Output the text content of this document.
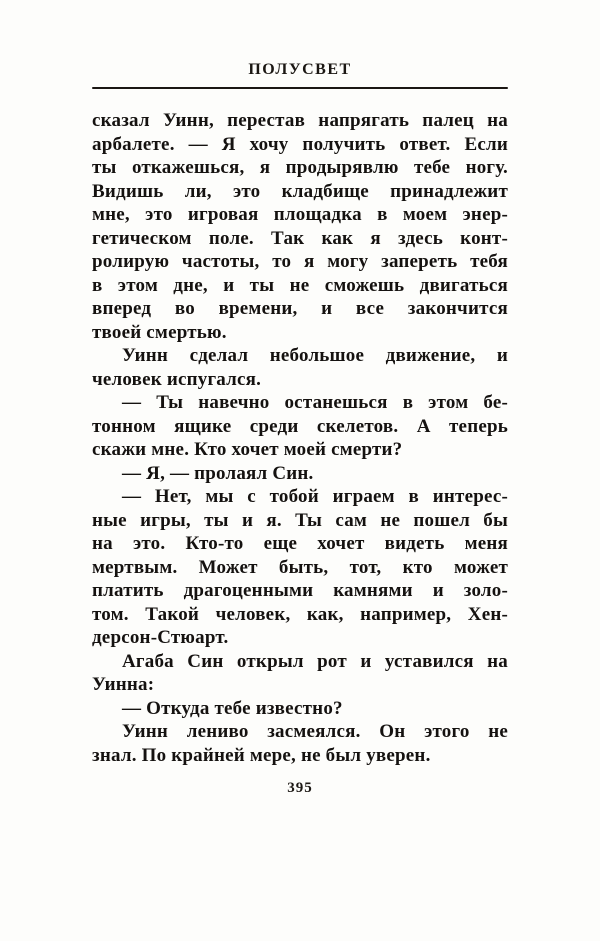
ПОЛУСВЕТ
сказал Уинн, перестав напрягать палец на
арбалете. — Я хочу получить ответ. Если
ты откажешься, я продырявлю тебе ногу.
Видишь ли, это кладбище принадлежит
мне, это игровая площадка в моем энер-
гетическом поле. Так как я здесь конт-
ролирую частоты, то я могу запереть тебя
в этом дне, и ты не сможешь двигаться
вперед во времени, и все закончится
твоей смертью.
Уинн сделал небольшое движение, и
человек испугался.
— Ты навечно останешься в этом бе-
тонном ящике среди скелетов. А теперь
скажи мне. Кто хочет моей смерти?
— Я, — пролаял Син.
— Нет, мы с тобой играем в интерес-
ные игры, ты и я. Ты сам не пошел бы
на это. Кто-то еще хочет видеть меня
мертвым. Может быть, тот, кто может
платить драгоценными камнями и золо-
том. Такой человек, как, например, Хен-
дерсон-Стюарт.
Агаба Син открыл рот и уставился на
Уинна:
— Откуда тебе известно?
Уинн лениво засмеялся. Он этого не
знал. По крайней мере, не был уверен.
395
